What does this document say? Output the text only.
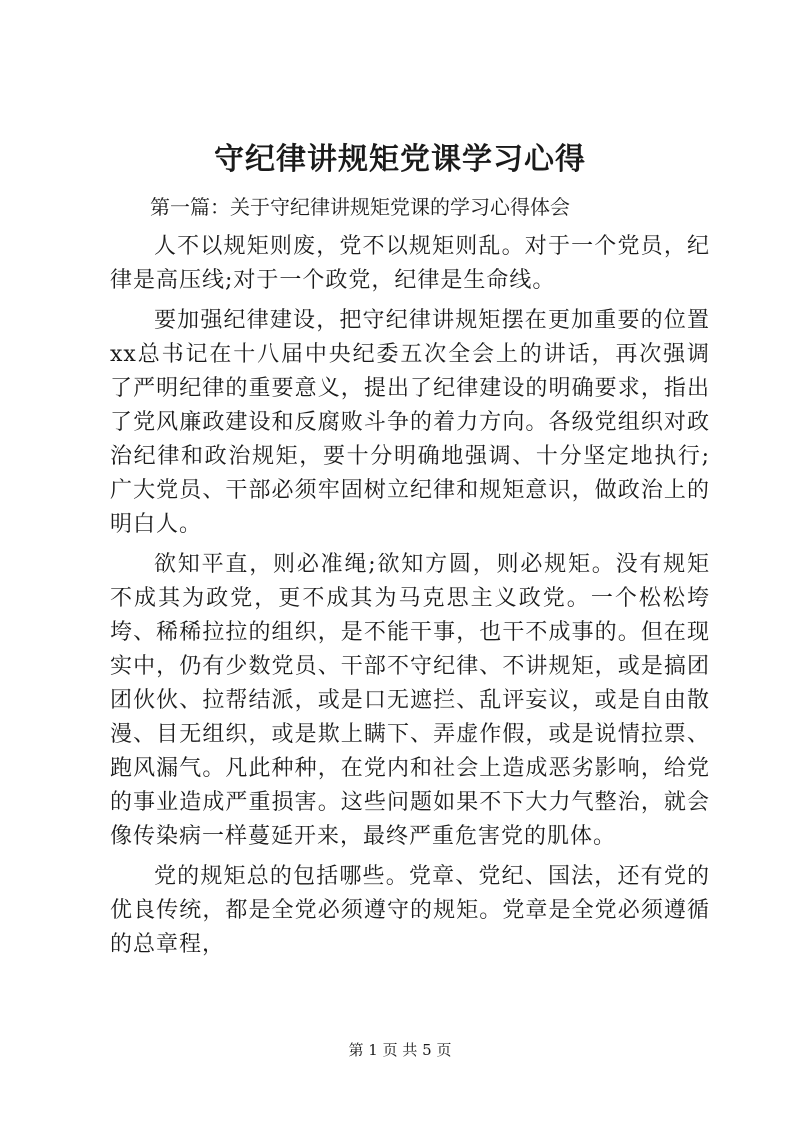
守纪律讲规矩党课学习心得

第一篇：关于守纪律讲规矩党课的学习心得体会

人不以规矩则废，党不以规矩则乱。对于一个党员，纪律是高压线;对于一个政党，纪律是生命线。

要加强纪律建设，把守纪律讲规矩摆在更加重要的位置xx总书记在十八届中央纪委五次全会上的讲话，再次强调了严明纪律的重要意义，提出了纪律建设的明确要求，指出了党风廉政建设和反腐败斗争的着力方向。各级党组织对政治纪律和政治规矩，要十分明确地强调、十分坚定地执行;广大党员、干部必须牢固树立纪律和规矩意识，做政治上的明白人。

欲知平直，则必准绳;欲知方圆，则必规矩。没有规矩不成其为政党，更不成其为马克思主义政党。一个松松垮垮、稀稀拉拉的组织，是不能干事，也干不成事的。但在现实中，仍有少数党员、干部不守纪律、不讲规矩，或是搞团团伙伙、拉帮结派，或是口无遮拦、乱评妄议，或是自由散漫、目无组织，或是欺上瞒下、弄虚作假，或是说情拉票、跑风漏气。凡此种种，在党内和社会上造成恶劣影响，给党的事业造成严重损害。这些问题如果不下大力气整治，就会像传染病一样蔓延开来，最终严重危害党的肌体。

党的规矩总的包括哪些。党章、党纪、国法，还有党的优良传统，都是全党必须遵守的规矩。党章是全党必须遵循的总章程，

第 1 页 共 5 页
